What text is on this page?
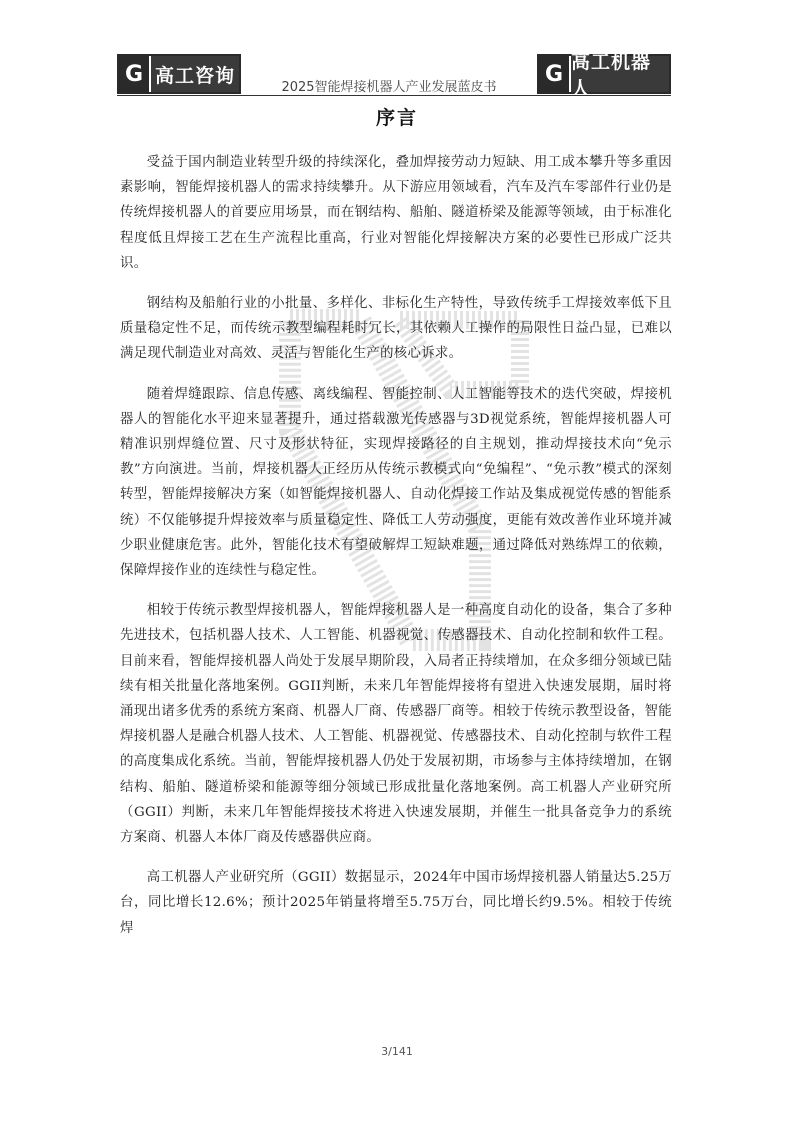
G 高工咨询
2025智能焊接机器人产业发展蓝皮书
G 高工机器人
序言

受益于国内制造业转型升级的持续深化，叠加焊接劳动力短缺、用工成本攀升等多重因素影响，智能焊接机器人的需求持续攀升。从下游应用领域看，汽车及汽车零部件行业仍是传统焊接机器人的首要应用场景，而在钢结构、船舶、隧道桥梁及能源等领域，由于标准化程度低且焊接工艺在生产流程比重高，行业对智能化焊接解决方案的必要性已形成广泛共识。

钢结构及船舶行业的小批量、多样化、非标化生产特性，导致传统手工焊接效率低下且质量稳定性不足，而传统示教型编程耗时冗长，其依赖人工操作的局限性日益凸显，已难以满足现代制造业对高效、灵活与智能化生产的核心诉求。

随着焊缝跟踪、信息传感、离线编程、智能控制、人工智能等技术的迭代突破，焊接机器人的智能化水平迎来显著提升，通过搭载激光传感器与3D视觉系统，智能焊接机器人可精准识别焊缝位置、尺寸及形状特征，实现焊接路径的自主规划，推动焊接技术向“免示教”方向演进。当前，焊接机器人正经历从传统示教模式向“免编程”、“免示教”模式的深刻转型，智能焊接解决方案（如智能焊接机器人、自动化焊接工作站及集成视觉传感的智能系统）不仅能够提升焊接效率与质量稳定性、降低工人劳动强度，更能有效改善作业环境并减少职业健康危害。此外，智能化技术有望破解焊工短缺难题，通过降低对熟练焊工的依赖，保障焊接作业的连续性与稳定性。

相较于传统示教型焊接机器人，智能焊接机器人是一种高度自动化的设备，集合了多种先进技术，包括机器人技术、人工智能、机器视觉、传感器技术、自动化控制和软件工程。目前来看，智能焊接机器人尚处于发展早期阶段，入局者正持续增加，在众多细分领域已陆续有相关批量化落地案例。GGII判断，未来几年智能焊接将有望进入快速发展期，届时将涌现出诸多优秀的系统方案商、机器人厂商、传感器厂商等。相较于传统示教型设备，智能焊接机器人是融合机器人技术、人工智能、机器视觉、传感器技术、自动化控制与软件工程的高度集成化系统。当前，智能焊接机器人仍处于发展初期，市场参与主体持续增加，在钢结构、船舶、隧道桥梁和能源等细分领域已形成批量化落地案例。高工机器人产业研究所（GGII）判断，未来几年智能焊接技术将进入快速发展期，并催生一批具备竞争力的系统方案商、机器人本体厂商及传感器供应商。

高工机器人产业研究所（GGII）数据显示，2024年中国市场焊接机器人销量达5.25万台，同比增长12.6%；预计2025年销量将增至5.75万台，同比增长约9.5%。相较于传统焊

3/141
